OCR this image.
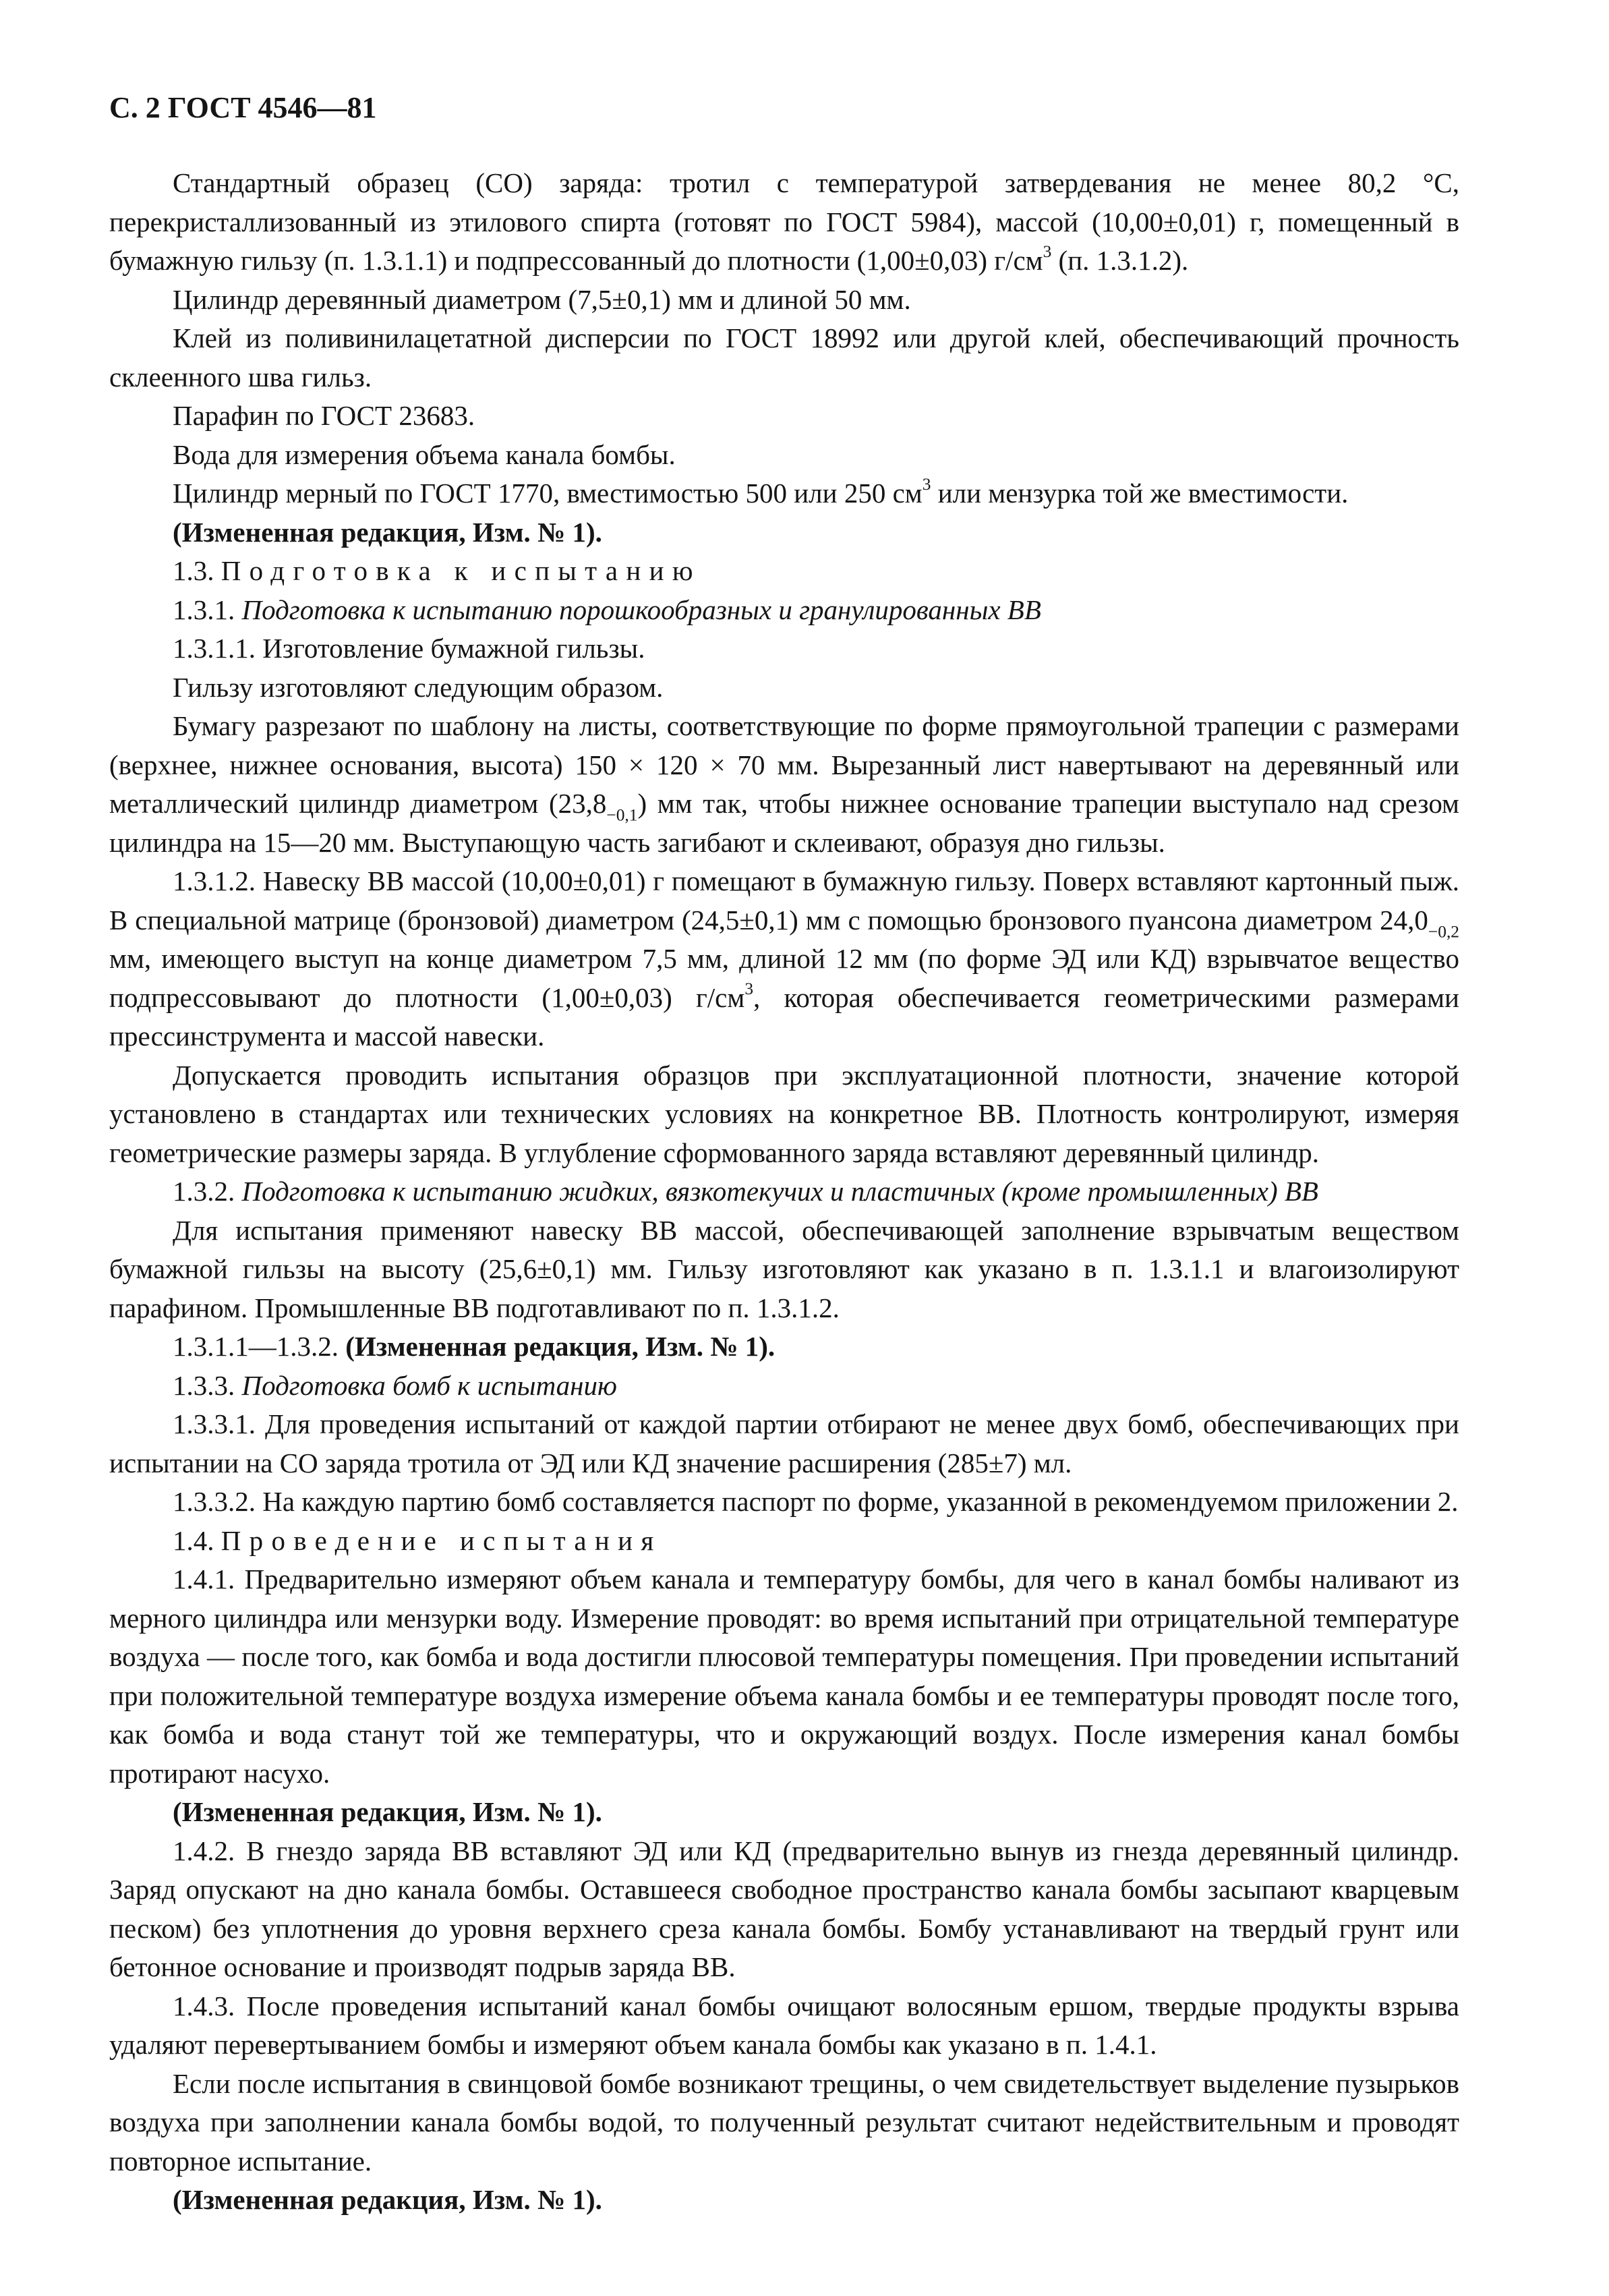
С. 2 ГОСТ 4546—81

Стандартный образец (СО) заряда: тротил с температурой затвердевания не менее 80,2 °С, перекристаллизованный из этилового спирта (готовят по ГОСТ 5984), массой (10,00±0,01) г, помещенный в бумажную гильзу (п. 1.3.1.1) и подпрессованный до плотности (1,00±0,03) $г/см^3$ (п. 1.3.1.2).

Цилиндр деревянный диаметром (7,5±0,1) мм и длиной 50 мм.

Клей из поливинилацетатной дисперсии по ГОСТ 18992 или другой клей, обеспечивающий прочность склеенного шва гильз.

Парафин по ГОСТ 23683.

Вода для измерения объема канала бомбы.

Цилиндр мерный по ГОСТ 1770, вместимостью 500 или 250 $см^3$ или мензурка той же вместимости.

(Измененная редакция, Изм. № 1).

1.3. Подготовка к испытанию

1.3.1. Подготовка к испытанию порошкообразных и гранулированных ВВ

1.3.1.1. Изготовление бумажной гильзы.

Гильзу изготовляют следующим образом.

Бумагу разрезают по шаблону на листы, соответствующие по форме прямоугольной трапеции с размерами (верхнее, нижнее основания, высота) 150 × 120 × 70 мм. Вырезанный лист навертывают на деревянный или металлический цилиндр диаметром $(23,8_{-0,1})$ мм так, чтобы нижнее основание трапеции выступало над срезом цилиндра на 15—20 мм. Выступающую часть загибают и склеивают, образуя дно гильзы.

1.3.1.2. Навеску ВВ массой (10,00±0,01) г помещают в бумажную гильзу. Поверх вставляют картонный пыж. В специальной матрице (бронзовой) диаметром (24,5±0,1) мм с помощью бронзового пуансона диаметром $24,0_{-0,2}$ мм, имеющего выступ на конце диаметром 7,5 мм, длиной 12 мм (по форме ЭД или КД) взрывчатое вещество подпрессовывают до плотности (1,00±0,03) $г/см^3$, которая обеспечивается геометрическими размерами прессинструмента и массой навески.

Допускается проводить испытания образцов при эксплуатационной плотности, значение которой установлено в стандартах или технических условиях на конкретное ВВ. Плотность контролируют, измеряя геометрические размеры заряда. В углубление сформованного заряда вставляют деревянный цилиндр.

1.3.2. Подготовка к испытанию жидких, вязкотекучих и пластичных (кроме промышленных) ВВ

Для испытания применяют навеску ВВ массой, обеспечивающей заполнение взрывчатым веществом бумажной гильзы на высоту (25,6±0,1) мм. Гильзу изготовляют как указано в п. 1.3.1.1 и влагоизолируют парафином. Промышленные ВВ подготавливают по п. 1.3.1.2.

1.3.1.1—1.3.2. (Измененная редакция, Изм. № 1).

1.3.3. Подготовка бомб к испытанию

1.3.3.1. Для проведения испытаний от каждой партии отбирают не менее двух бомб, обеспечивающих при испытании на СО заряда тротила от ЭД или КД значение расширения (285±7) мл.

1.3.3.2. На каждую партию бомб составляется паспорт по форме, указанной в рекомендуемом приложении 2.

1.4. Проведение испытания

1.4.1. Предварительно измеряют объем канала и температуру бомбы, для чего в канал бомбы наливают из мерного цилиндра или мензурки воду. Измерение проводят: во время испытаний при отрицательной температуре воздуха — после того, как бомба и вода достигли плюсовой температуры помещения. При проведении испытаний при положительной температуре воздуха измерение объема канала бомбы и ее температуры проводят после того, как бомба и вода станут той же температуры, что и окружающий воздух. После измерения канал бомбы протирают насухо.

(Измененная редакция, Изм. № 1).

1.4.2. В гнездо заряда ВВ вставляют ЭД или КД (предварительно вынув из гнезда деревянный цилиндр. Заряд опускают на дно канала бомбы. Оставшееся свободное пространство канала бомбы засыпают кварцевым песком) без уплотнения до уровня верхнего среза канала бомбы. Бомбу устанавливают на твердый грунт или бетонное основание и производят подрыв заряда ВВ.

1.4.3. После проведения испытаний канал бомбы очищают волосяным ершом, твердые продукты взрыва удаляют перевертыванием бомбы и измеряют объем канала бомбы как указано в п. 1.4.1.

Если после испытания в свинцовой бомбе возникают трещины, о чем свидетельствует выделение пузырьков воздуха при заполнении канала бомбы водой, то полученный результат считают недействительным и проводят повторное испытание.

(Измененная редакция, Изм. № 1).
